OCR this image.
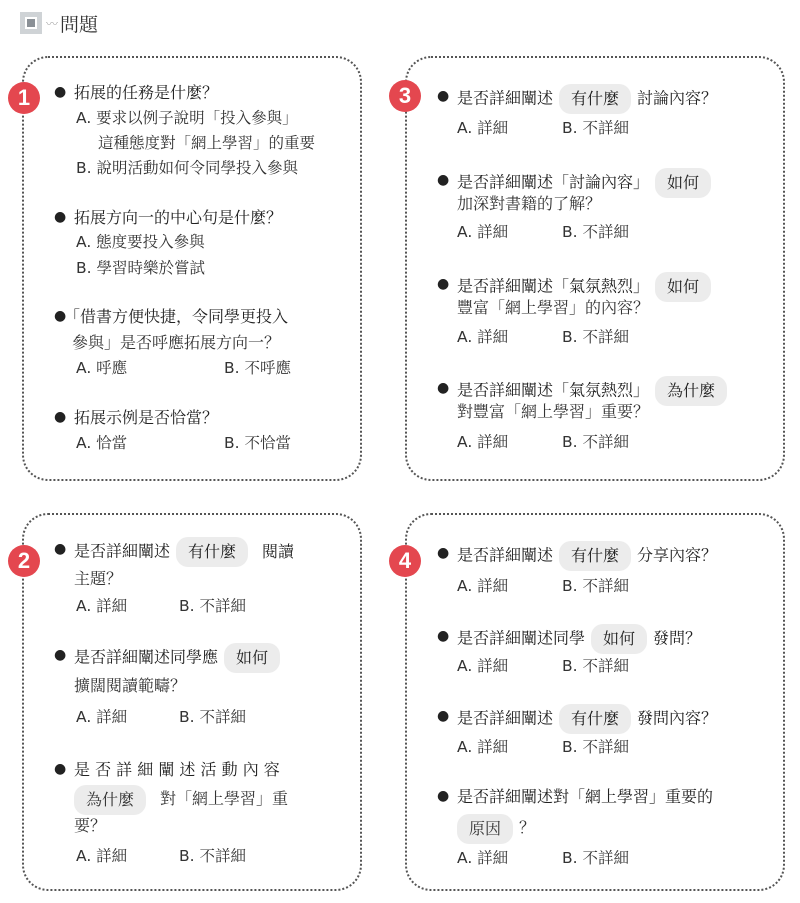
〰 問題
● 拓展的任務是什麼？
A. 要求以例子說明「投入參與」
這種態度對「網上學習」的重要
B. 說明活動如何令同學投入參與
● 拓展方向一的中心句是什麼？
A. 態度要投入參與
B. 學習時樂於嘗試
●
「借書方便快捷，令同學更投入
參與」是否呼應拓展方向一？
A. 呼應	B. 不呼應
● 拓展示例是否恰當？
A. 恰當	B. 不恰當
1
● 是否詳細闡述 有什麼 閱讀
主題？
A. 詳細	B. 不詳細
● 是否詳細闡述同學應 如何
擴闊閱讀範疇？
A. 詳細	B. 不詳細
● 是 否 詳 細 闡 述 活 動 內 容
為什麼 對「網上學習」重
要？
A. 詳細	B. 不詳細
2
● 是否詳細闡述 有什麼 討論內容？
A. 詳細	B. 不詳細
● 是否詳細闡述「討論內容」 如何
加深對書籍的了解？
A. 詳細	B. 不詳細
● 是否詳細闡述「氣氛熱烈」 如何
豐富「網上學習」的內容？
A. 詳細	B. 不詳細
● 是否詳細闡述「氣氛熱烈」 為什麼
對豐富「網上學習」重要？
A. 詳細	B. 不詳細
3
● 是否詳細闡述 有什麼 分享內容？
A. 詳細	B. 不詳細
● 是否詳細闡述同學 如何 發問？
A. 詳細	B. 不詳細
● 是否詳細闡述 有什麼 發問內容？
A. 詳細	B. 不詳細
● 是否詳細闡述對「網上學習」重要的
原因 ？
A. 詳細	B. 不詳細
4
